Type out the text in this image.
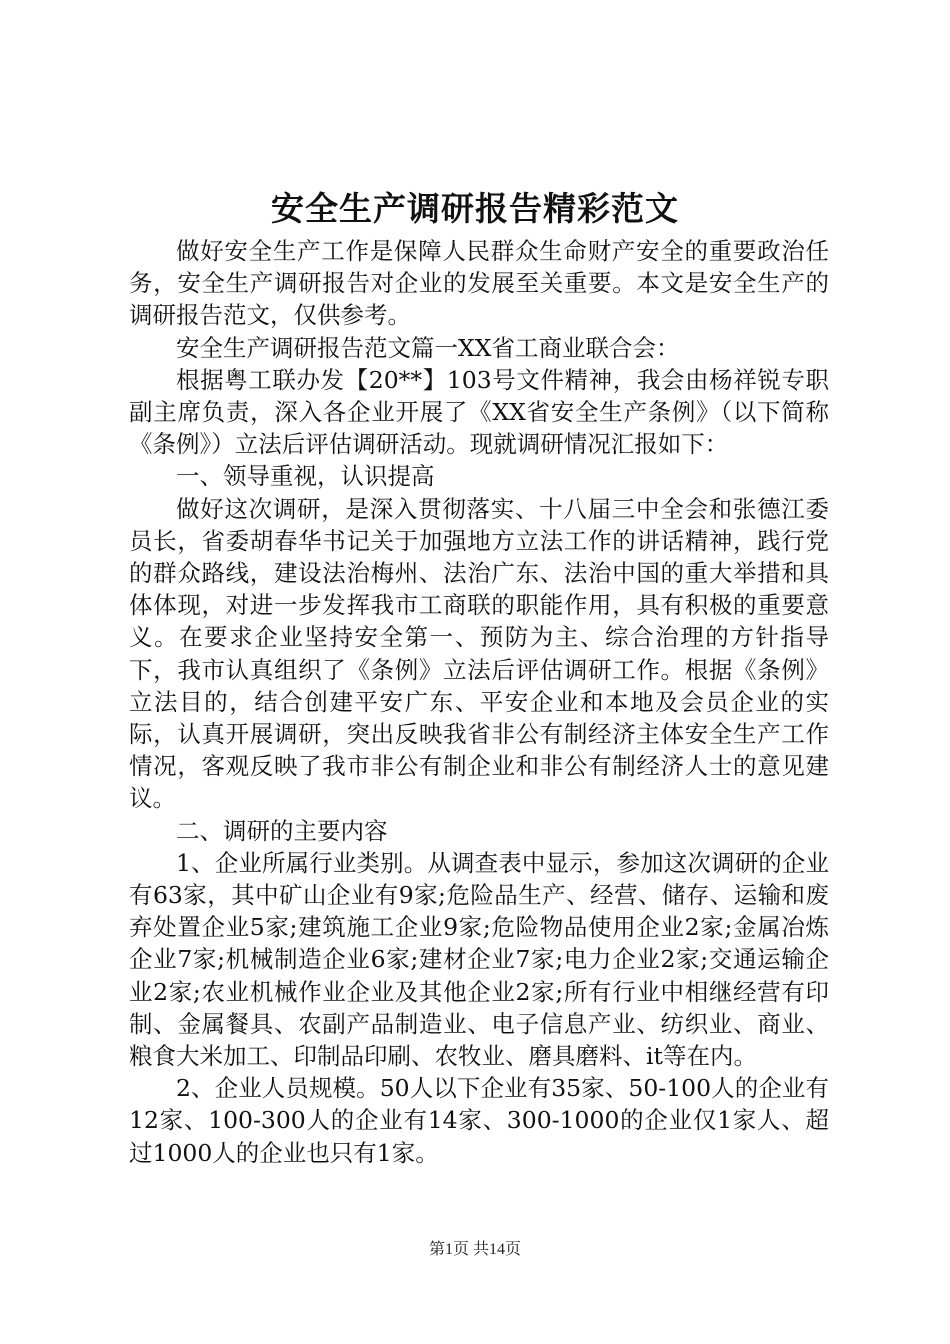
安全生产调研报告精彩范文

做好安全生产工作是保障人民群众生命财产安全的重要政治任务，安全生产调研报告对企业的发展至关重要。本文是安全生产的调研报告范文，仅供参考。

安全生产调研报告范文篇一XX省工商业联合会：

根据粤工联办发【20**】103号文件精神，我会由杨祥锐专职副主席负责，深入各企业开展了《XX省安全生产条例》（以下简称《条例》）立法后评估调研活动。现就调研情况汇报如下：

一、领导重视，认识提高

做好这次调研，是深入贯彻落实、十八届三中全会和张德江委员长，省委胡春华书记关于加强地方立法工作的讲话精神，践行党的群众路线，建设法治梅州、法治广东、法治中国的重大举措和具体体现，对进一步发挥我市工商联的职能作用，具有积极的重要意义。在要求企业坚持安全第一、预防为主、综合治理的方针指导下，我市认真组织了《条例》立法后评估调研工作。根据《条例》立法目的，结合创建平安广东、平安企业和本地及会员企业的实际，认真开展调研，突出反映我省非公有制经济主体安全生产工作情况，客观反映了我市非公有制企业和非公有制经济人士的意见建议。

二、调研的主要内容

1、企业所属行业类别。从调查表中显示，参加这次调研的企业有63家，其中矿山企业有9家;危险品生产、经营、储存、运输和废弃处置企业5家;建筑施工企业9家;危险物品使用企业2家;金属冶炼企业7家;机械制造企业6家;建材企业7家;电力企业2家;交通运输企业2家;农业机械作业企业及其他企业2家;所有行业中相继经营有印制、金属餐具、农副产品制造业、电子信息产业、纺织业、商业、粮食大米加工、印制品印刷、农牧业、磨具磨料、it等在内。

2、企业人员规模。50人以下企业有35家、50-100人的企业有12家、100-300人的企业有14家、300-1000的企业仅1家人、超过1000人的企业也只有1家。

第1页 共14页
